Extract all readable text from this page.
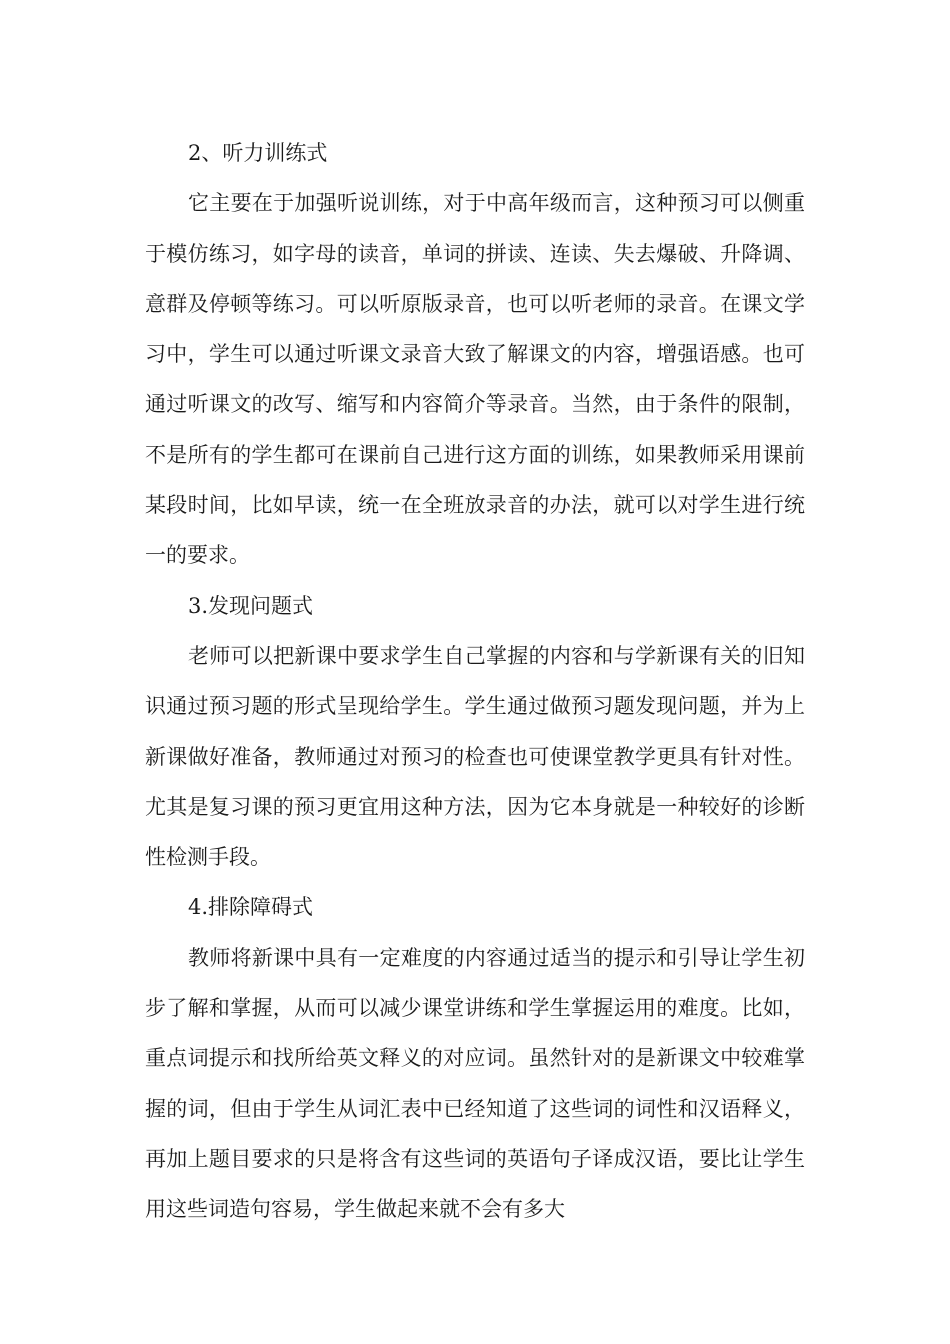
2、听力训练式

它主要在于加强听说训练，对于中高年级而言，这种预习可以侧重于模仿练习，如字母的读音，单词的拼读、连读、失去爆破、升降调、意群及停顿等练习。可以听原版录音，也可以听老师的录音。在课文学习中，学生可以通过听课文录音大致了解课文的内容，增强语感。也可通过听课文的改写、缩写和内容简介等录音。当然，由于条件的限制，不是所有的学生都可在课前自己进行这方面的训练，如果教师采用课前某段时间，比如早读，统一在全班放录音的办法，就可以对学生进行统一的要求。

3.发现问题式

老师可以把新课中要求学生自己掌握的内容和与学新课有关的旧知识通过预习题的形式呈现给学生。学生通过做预习题发现问题，并为上新课做好准备，教师通过对预习的检查也可使课堂教学更具有针对性。尤其是复习课的预习更宜用这种方法，因为它本身就是一种较好的诊断性检测手段。

4.排除障碍式

教师将新课中具有一定难度的内容通过适当的提示和引导让学生初步了解和掌握，从而可以减少课堂讲练和学生掌握运用的难度。比如，重点词提示和找所给英文释义的对应词。虽然针对的是新课文中较难掌握的词，但由于学生从词汇表中已经知道了这些词的词性和汉语释义，再加上题目要求的只是将含有这些词的英语句子译成汉语，要比让学生用这些词造句容易，学生做起来就不会有多大
